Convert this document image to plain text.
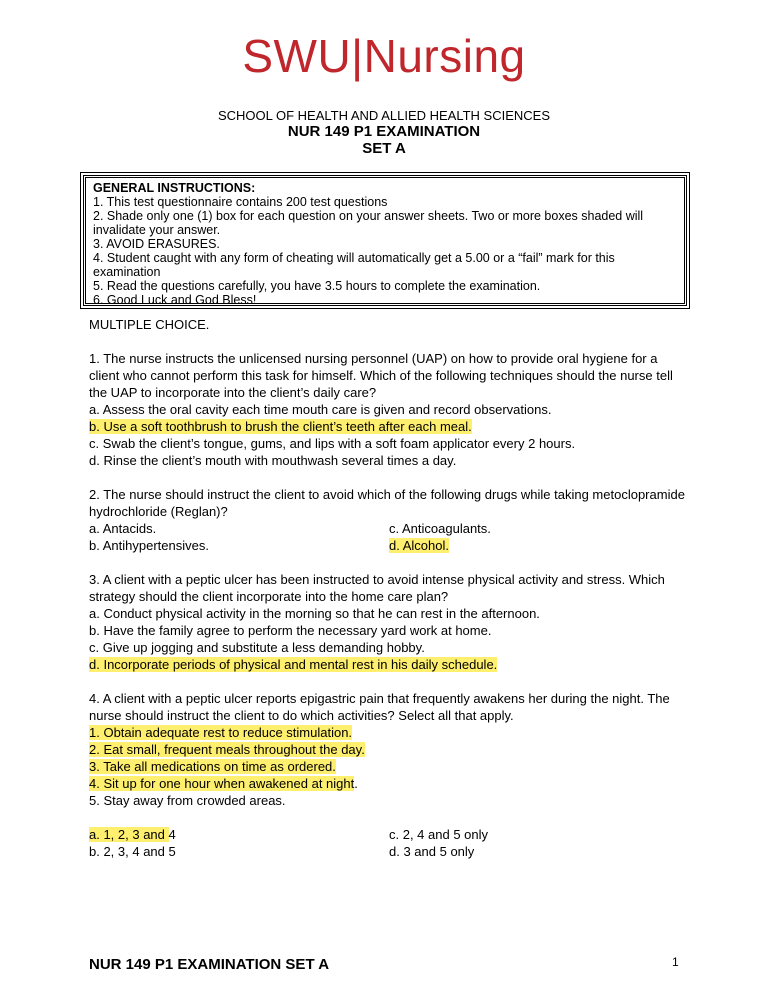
SWU|Nursing
SCHOOL OF HEALTH AND ALLIED HEALTH SCIENCES
NUR 149 P1 EXAMINATION
SET A
GENERAL INSTRUCTIONS:
1. This test questionnaire contains 200 test questions
2. Shade only one (1) box for each question on your answer sheets. Two or more boxes shaded will invalidate your answer.
3. AVOID ERASURES.
4. Student caught with any form of cheating will automatically get a 5.00 or a “fail” mark for this examination
5. Read the questions carefully, you have 3.5 hours to complete the examination.
6. Good Luck and God Bless!

MULTIPLE CHOICE.

1. The nurse instructs the unlicensed nursing personnel (UAP) on how to provide oral hygiene for a client who cannot perform this task for himself. Which of the following techniques should the nurse tell the UAP to incorporate into the client’s daily care?

a. Assess the oral cavity each time mouth care is given and record observations.

b. Use a soft toothbrush to brush the client’s teeth after each meal.

c. Swab the client’s tongue, gums, and lips with a soft foam applicator every 2 hours.

d. Rinse the client’s mouth with mouthwash several times a day.

2. The nurse should instruct the client to avoid which of the following drugs while taking metoclopramide hydrochloride (Reglan)?

a. Antacids.	c. Anticoagulants.

b. Antihypertensives.	d. Alcohol.

3. A client with a peptic ulcer has been instructed to avoid intense physical activity and stress. Which strategy should the client incorporate into the home care plan?

a. Conduct physical activity in the morning so that he can rest in the afternoon.

b. Have the family agree to perform the necessary yard work at home.

c. Give up jogging and substitute a less demanding hobby.

d. Incorporate periods of physical and mental rest in his daily schedule.

4. A client with a peptic ulcer reports epigastric pain that frequently awakens her during the night. The nurse should instruct the client to do which activities? Select all that apply.

1. Obtain adequate rest to reduce stimulation.

2. Eat small, frequent meals throughout the day.

3. Take all medications on time as ordered.

4. Sit up for one hour when awakened at night.

5. Stay away from crowded areas.

a. 1, 2, 3 and 4	c. 2, 4 and 5 only

b. 2, 3, 4 and 5	d. 3 and 5 only

NUR 149 P1 EXAMINATION SET A	1
